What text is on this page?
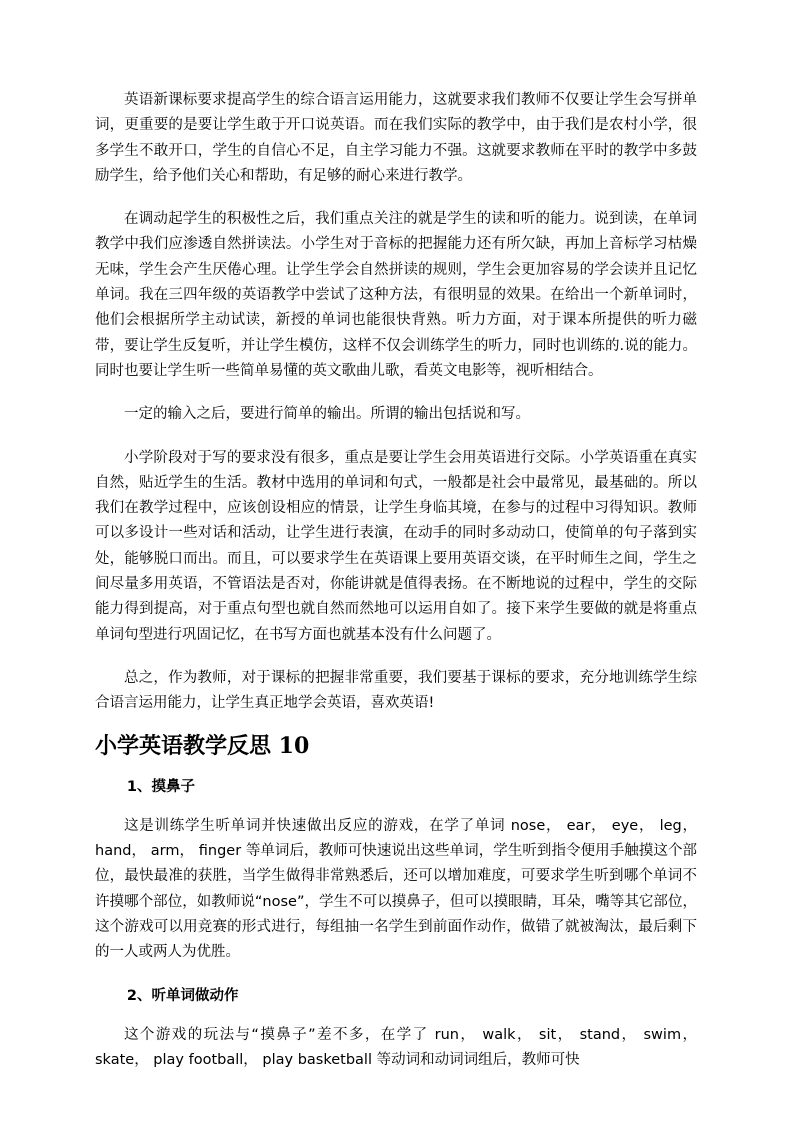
英语新课标要求提高学生的综合语言运用能力，这就要求我们教师不仅要让学生会写拼单词，更重要的是要让学生敢于开口说英语。而在我们实际的教学中，由于我们是农村小学，很多学生不敢开口，学生的自信心不足，自主学习能力不强。这就要求教师在平时的教学中多鼓励学生，给予他们关心和帮助，有足够的耐心来进行教学。

在调动起学生的积极性之后，我们重点关注的就是学生的读和听的能力。说到读，在单词教学中我们应渗透自然拼读法。小学生对于音标的把握能力还有所欠缺，再加上音标学习枯燥无味，学生会产生厌倦心理。让学生学会自然拼读的规则，学生会更加容易的学会读并且记忆单词。我在三四年级的英语教学中尝试了这种方法，有很明显的效果。在给出一个新单词时，他们会根据所学主动试读，新授的单词也能很快背熟。听力方面，对于课本所提供的听力磁带，要让学生反复听，并让学生模仿，这样不仅会训练学生的听力，同时也训练的.说的能力。同时也要让学生听一些简单易懂的英文歌曲儿歌，看英文电影等，视听相结合。

一定的输入之后，要进行简单的输出。所谓的输出包括说和写。

小学阶段对于写的要求没有很多，重点是要让学生会用英语进行交际。小学英语重在真实自然，贴近学生的生活。教材中选用的单词和句式，一般都是社会中最常见，最基础的。所以我们在教学过程中，应该创设相应的情景，让学生身临其境，在参与的过程中习得知识。教师可以多设计一些对话和活动，让学生进行表演，在动手的同时多动动口，使简单的句子落到实处，能够脱口而出。而且，可以要求学生在英语课上要用英语交谈，在平时师生之间，学生之间尽量多用英语，不管语法是否对，你能讲就是值得表扬。在不断地说的过程中，学生的交际能力得到提高，对于重点句型也就自然而然地可以运用自如了。接下来学生要做的就是将重点单词句型进行巩固记忆，在书写方面也就基本没有什么问题了。

总之，作为教师，对于课标的把握非常重要，我们要基于课标的要求，充分地训练学生综合语言运用能力，让学生真正地学会英语，喜欢英语!

小学英语教学反思 10
1、摸鼻子

这是训练学生听单词并快速做出反应的游戏，在学了单词 nose， ear， eye， leg， hand， arm， finger 等单词后，教师可快速说出这些单词，学生听到指令便用手触摸这个部位，最快最准的获胜，当学生做得非常熟悉后，还可以增加难度，可要求学生听到哪个单词不许摸哪个部位，如教师说“nose”，学生不可以摸鼻子，但可以摸眼睛，耳朵，嘴等其它部位，这个游戏可以用竞赛的形式进行，每组抽一名学生到前面作动作，做错了就被淘汰，最后剩下的一人或两人为优胜。

2、听单词做动作

这个游戏的玩法与“摸鼻子”差不多，在学了 run， walk， sit， stand， swim， skate， play football， play basketball 等动词和动词词组后，教师可快
